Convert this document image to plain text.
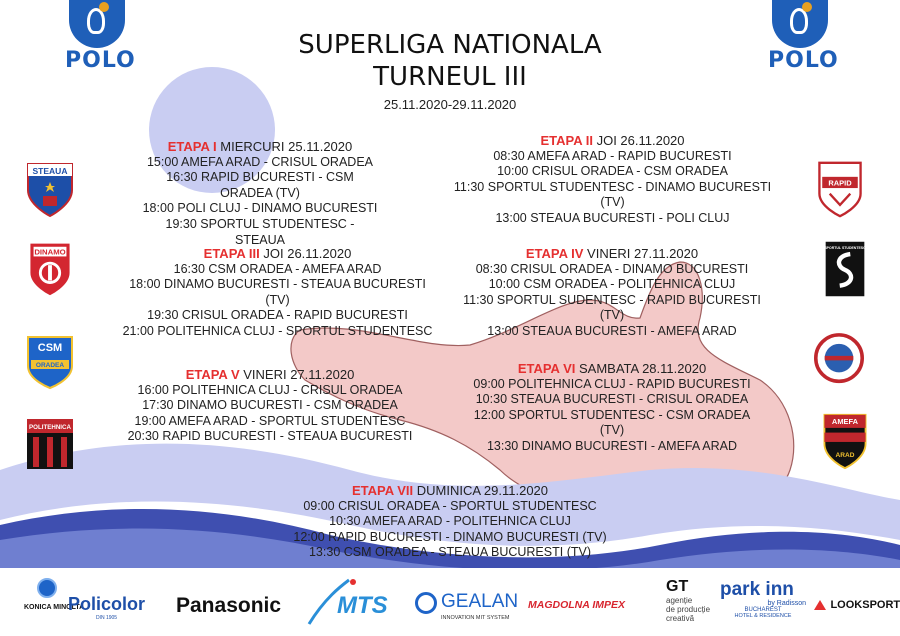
POLO	POLO
SUPERLIGA NATIONALA
TURNEUL III
25.11.2020-29.11.2020
ETAPA I MIERCURI 25.11.2020
15:00 AMEFA ARAD - CRISUL ORADEA
16:30 RAPID BUCURESTI - CSM ORADEA (TV)
18:00 POLI CLUJ - DINAMO BUCURESTI
19:30 SPORTUL STUDENTESC - STEAUA
ETAPA II JOI 26.11.2020
08:30 AMEFA ARAD - RAPID BUCURESTI
10:00 CRISUL ORADEA - CSM ORADEA
11:30 SPORTUL STUDENTESC - DINAMO BUCURESTI (TV)
13:00 STEAUA BUCURESTI - POLI CLUJ
ETAPA III JOI 26.11.2020
16:30 CSM ORADEA - AMEFA ARAD
18:00 DINAMO BUCURESTI - STEAUA BUCURESTI (TV)
19:30 CRISUL ORADEA - RAPID BUCURESTI
21:00 POLITEHNICA CLUJ - SPORTUL STUDENTESC
ETAPA IV VINERI 27.11.2020
08:30 CRISUL ORADEA - DINAMO BUCURESTI
10:00 CSM ORADEA - POLITEHNICA CLUJ
11:30 SPORTUL SUDENTESC - RAPID BUCURESTI (TV)
13:00 STEAUA BUCURESTI - AMEFA ARAD
ETAPA V VINERI 27.11.2020
16:00 POLITEHNICA CLUJ - CRISUL ORADEA
17:30 DINAMO BUCURESTI - CSM ORADEA
19:00 AMEFA ARAD - SPORTUL STUDENTESC
20:30 RAPID BUCURESTI - STEAUA BUCURESTI
ETAPA VI SAMBATA 28.11.2020
09:00 POLITEHNICA CLUJ - RAPID BUCURESTI
10:30 STEAUA BUCURESTI - CRISUL ORADEA
12:00 SPORTUL STUDENTESC - CSM ORADEA (TV)
13:30 DINAMO BUCURESTI - AMEFA ARAD
ETAPA VII DUMINICA 29.11.2020
09:00 CRISUL ORADEA - SPORTUL STUDENTESC
10:30 AMEFA ARAD - POLITEHNICA CLUJ
12:00 RAPID BUCURESTI - DINAMO BUCURESTI (TV)
13:30 CSM ORADEA - STEAUA BUCURESTI (TV)
STEAUA
DINAMO
CSM
ORADEA
POLITEHNICA
RAPID
SPORTUL STUDENTESC
AMEFA
ARAD
KONICA MINOLTA
Policolor
DIN 1905
Panasonic MTS	GEALAN
INNOVATION MIT SYSTEM
MAGDOLNA IMPEX
GT
agenție
de producție
creativă
park inn
by Radisson
BUCHAREST
HOTEL & RESIDENCE
LOOKSPORT
